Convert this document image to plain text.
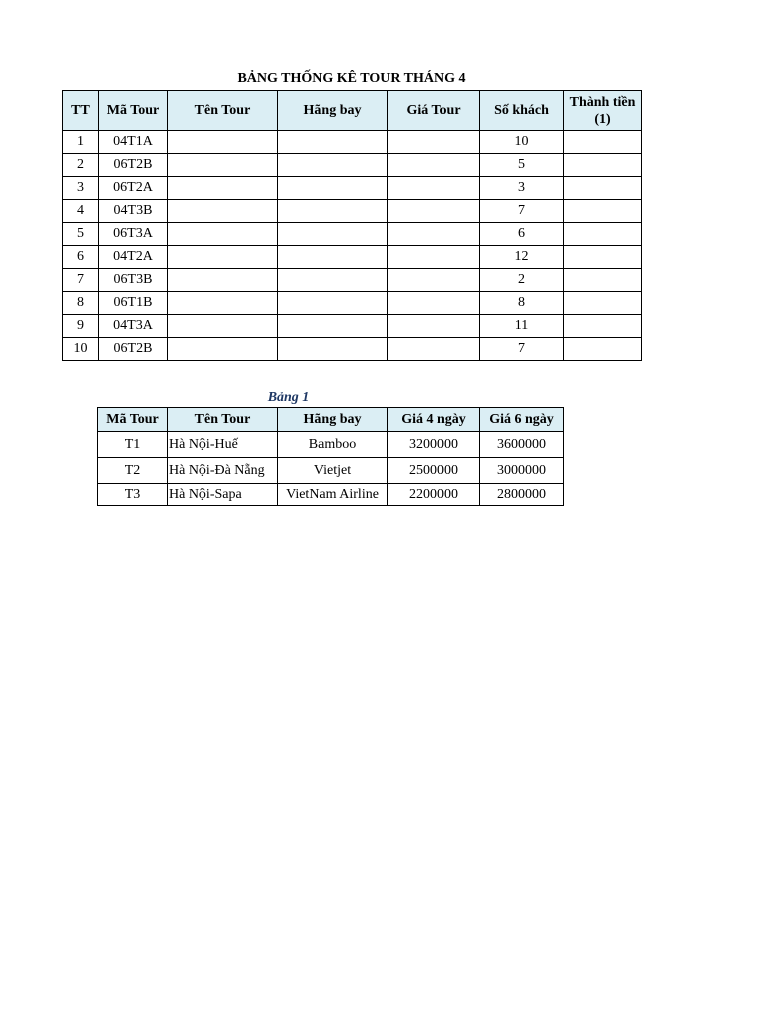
BẢNG THỐNG KÊ TOUR THÁNG 4
TT	Mã Tour	Tên Tour	Hãng bay	Giá Tour	Số khách	Thành tiền (1)
1	04T1A				10	
2	06T2B				5	
3	06T2A				3	
4	04T3B				7	
5	06T3A				6	
6	04T2A				12	
7	06T3B				2	
8	06T1B				8	
9	04T3A				11	
10	06T2B				7	
Bảng 1
Mã Tour	Tên Tour	Hãng bay	Giá 4 ngày	Giá 6 ngày
T1	Hà Nội-Huế	Bamboo	3200000	3600000
T2	Hà Nội-Đà Nẵng	Vietjet	2500000	3000000
T3	Hà Nội-Sapa	VietNam Airline	2200000	2800000
